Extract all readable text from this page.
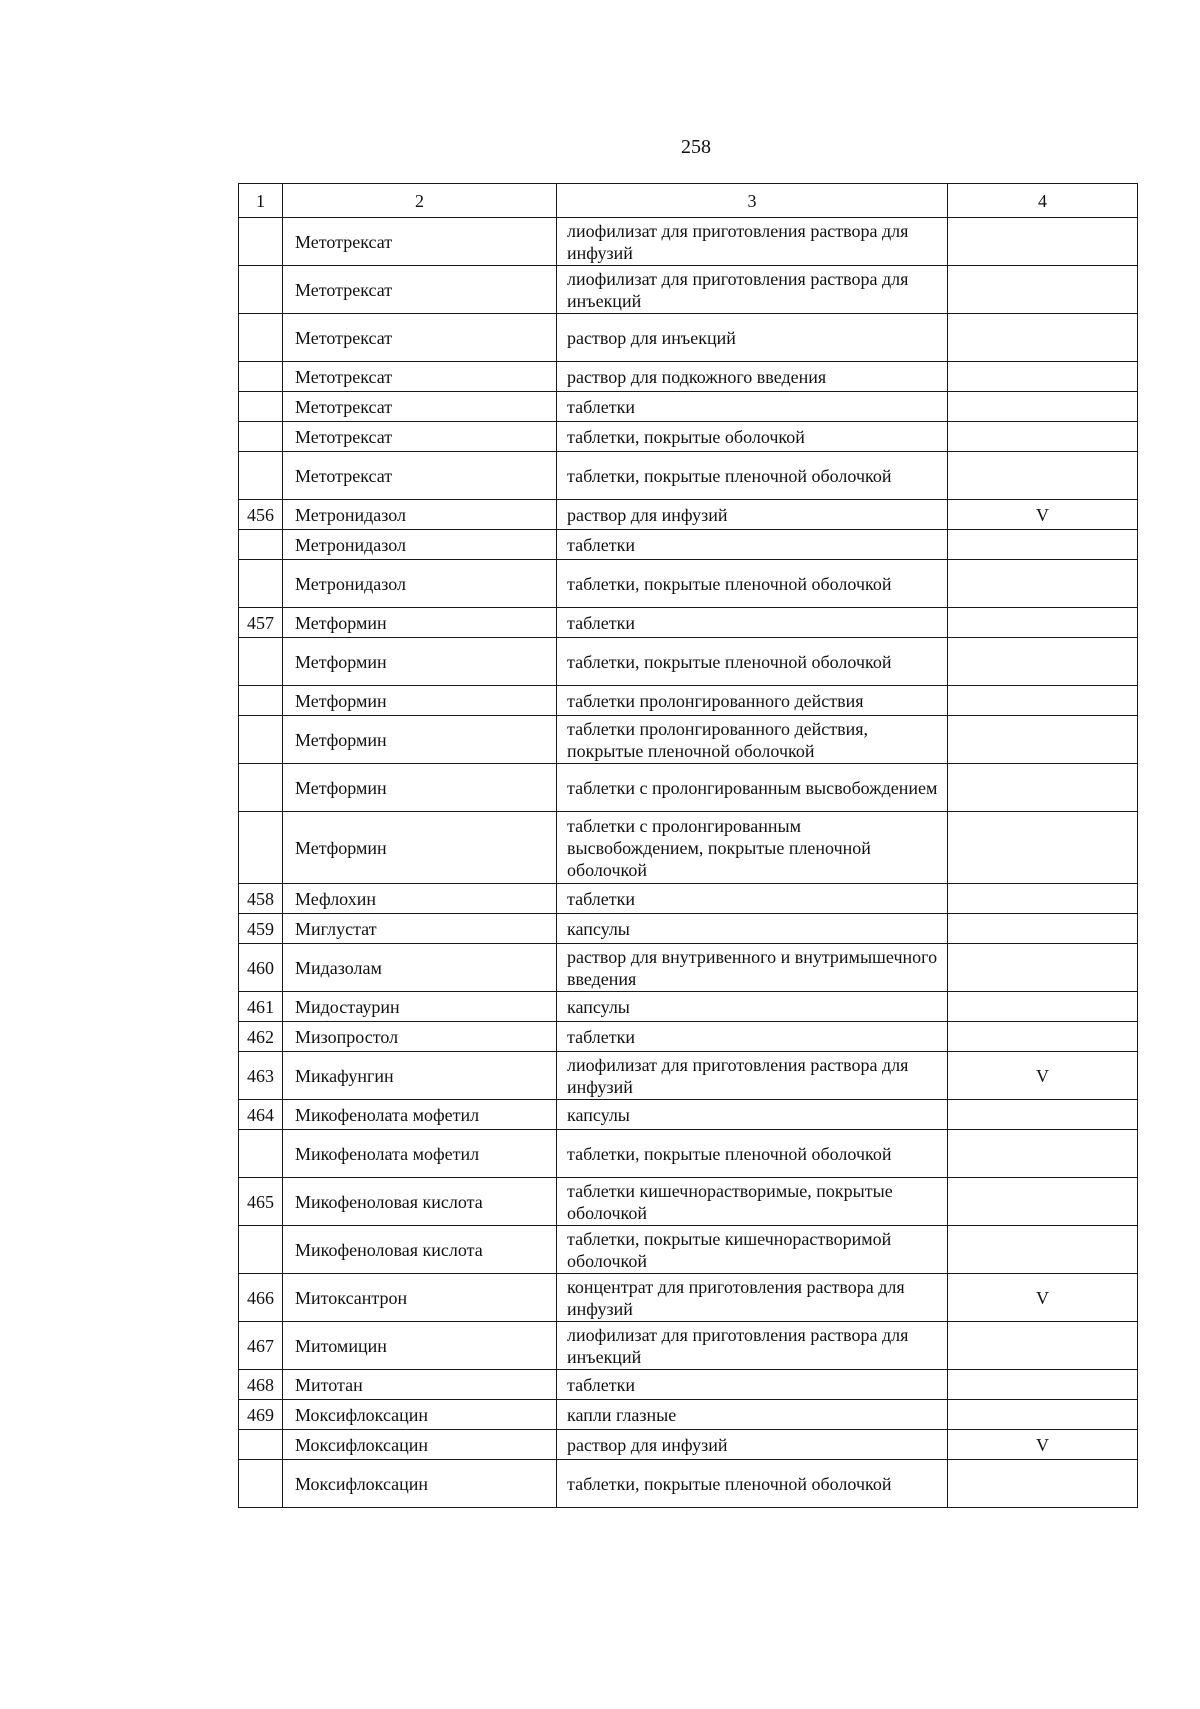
258
1	2	3	4
	Метотрексат	лиофилизат для приготовления раствора для инфузий	
	Метотрексат	лиофилизат для приготовления раствора для инъекций	
	Метотрексат	раствор для инъекций	
	Метотрексат	раствор для подкожного введения	
	Метотрексат	таблетки	
	Метотрексат	таблетки, покрытые оболочкой	
	Метотрексат	таблетки, покрытые пленочной оболочкой	
456	Метронидазол	раствор для инфузий	V
	Метронидазол	таблетки	
	Метронидазол	таблетки, покрытые пленочной оболочкой	
457	Метформин	таблетки	
	Метформин	таблетки, покрытые пленочной оболочкой	
	Метформин	таблетки пролонгированного действия	
	Метформин	таблетки пролонгированного действия, покрытые пленочной оболочкой	
	Метформин	таблетки с пролонгированным высвобождением	
	Метформин	таблетки с пролонгированным высвобождением, покрытые пленочной оболочкой	
458	Мефлохин	таблетки	
459	Миглустат	капсулы	
460	Мидазолам	раствор для внутривенного и внутримышечного введения	
461	Мидостаурин	капсулы	
462	Мизопростол	таблетки	
463	Микафунгин	лиофилизат для приготовления раствора для инфузий	V
464	Микофенолата мофетил	капсулы	
	Микофенолата мофетил	таблетки, покрытые пленочной оболочкой	
465	Микофеноловая кислота	таблетки кишечнорастворимые, покрытые оболочкой	
	Микофеноловая кислота	таблетки, покрытые кишечнорастворимой оболочкой	
466	Митоксантрон	концентрат для приготовления раствора для инфузий	V
467	Митомицин	лиофилизат для приготовления раствора для инъекций	
468	Митотан	таблетки	
469	Моксифлоксацин	капли глазные	
	Моксифлоксацин	раствор для инфузий	V
	Моксифлоксацин	таблетки, покрытые пленочной оболочкой	
